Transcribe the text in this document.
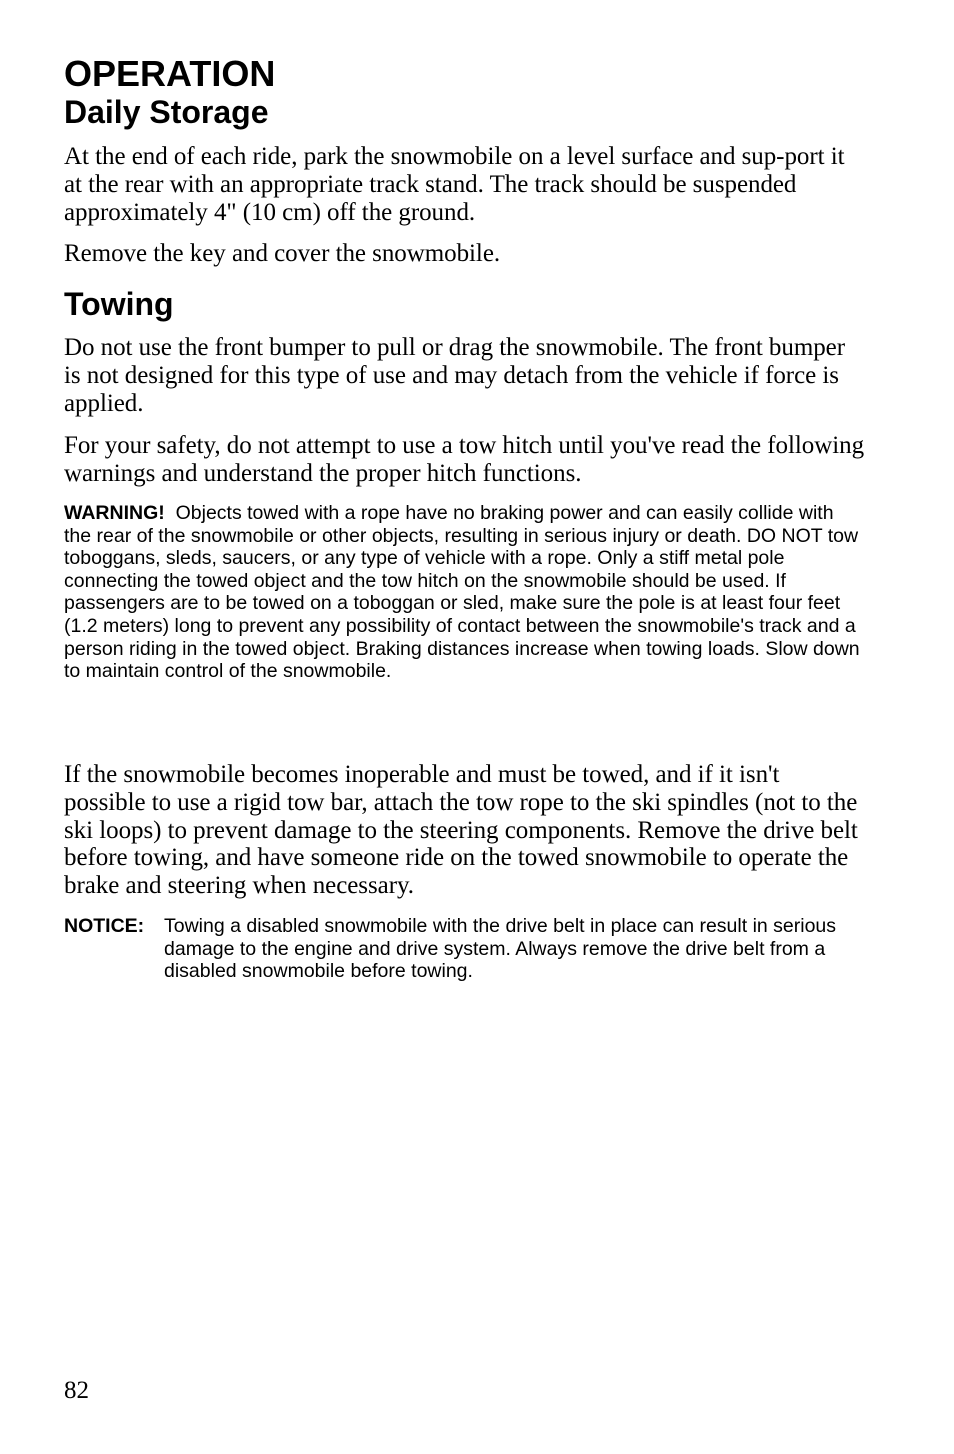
OPERATION
Daily Storage

At the end of each ride, park the snowmobile on a level surface and sup-port it at the rear with an appropriate track stand. The track should be suspended approximately 4" (10 cm) off the ground.

Remove the key and cover the snowmobile.

Towing

Do not use the front bumper to pull or drag the snowmobile. The front bumper is not designed for this type of use and may detach from the vehicle if force is applied.

For your safety, do not attempt to use a tow hitch until you've read the following warnings and understand the proper hitch functions.

WARNING! Objects towed with a rope have no braking power and can easily collide with the rear of the snowmobile or other objects, resulting in serious injury or death. DO NOT tow toboggans, sleds, saucers, or any type of vehicle with a rope. Only a stiff metal pole connecting the towed object and the tow hitch on the snowmobile should be used. If passengers are to be towed on a toboggan or sled, make sure the pole is at least four feet (1.2 meters) long to prevent any possibility of contact between the snowmobile's track and a person riding in the towed object. Braking distances increase when towing loads. Slow down to maintain control of the snowmobile.

If the snowmobile becomes inoperable and must be towed, and if it isn't possible to use a rigid tow bar, attach the tow rope to the ski spindles (not to the ski loops) to prevent damage to the steering components. Remove the drive belt before towing, and have someone ride on the towed snowmobile to operate the brake and steering when necessary.

NOTICE:	Towing a disabled snowmobile with the drive belt in place can result in serious damage to the engine and drive system. Always remove the drive belt from a disabled snowmobile before towing.
82
